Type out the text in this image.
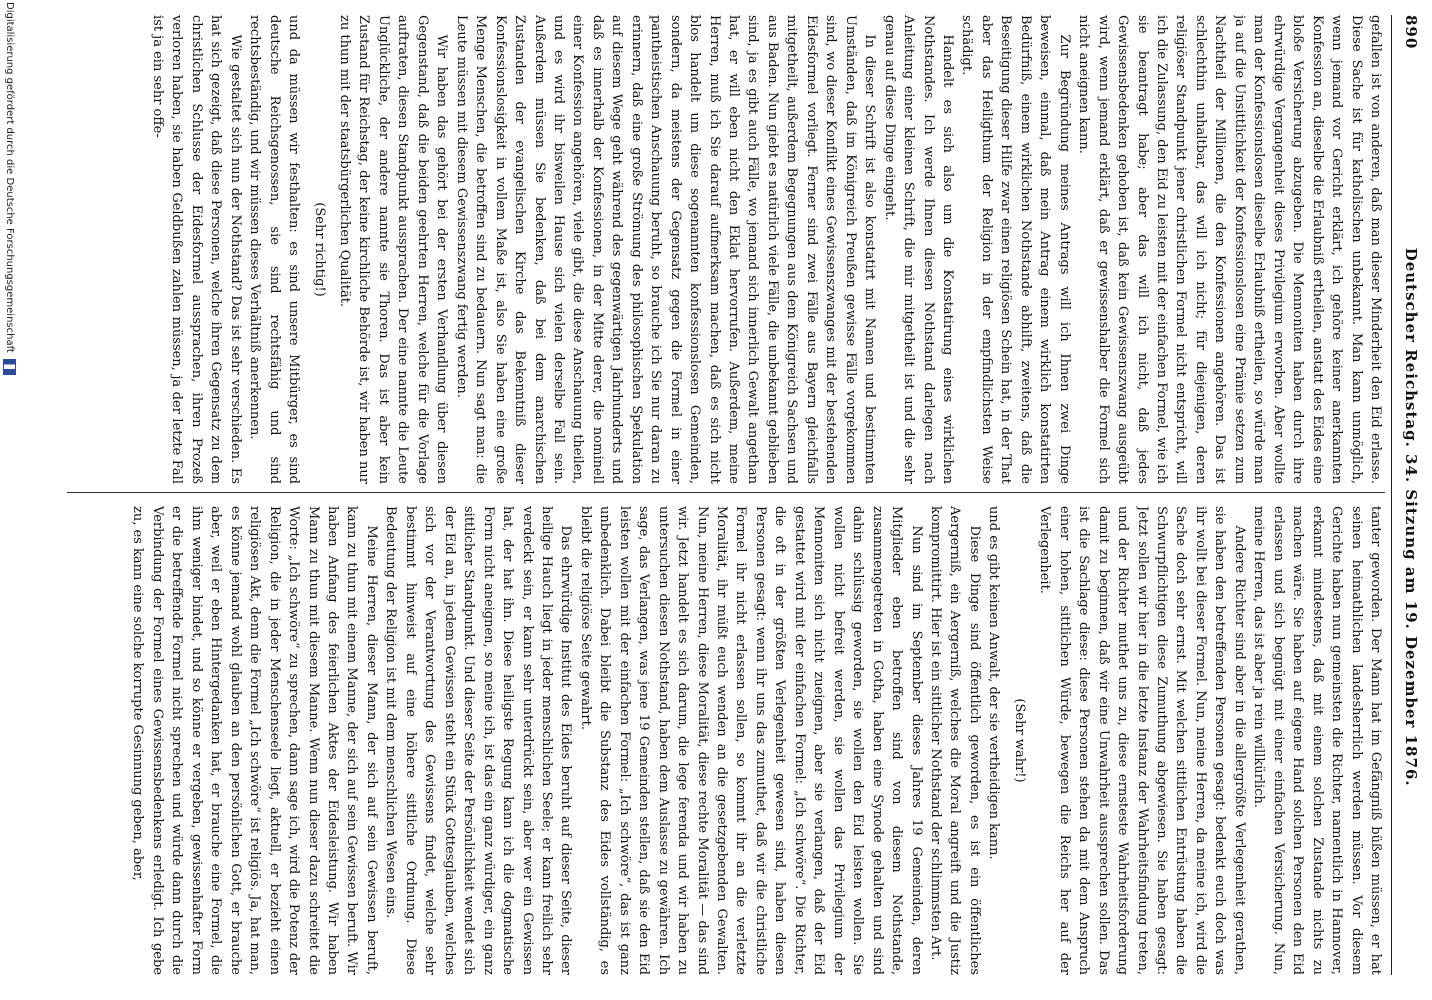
890
Deutscher Reichstag. 34. Sitzung am 19. Dezember 1876.

gefallen ist von anderen, daß man dieser Minderheit den Eid erlasse. Diese Sache ist für katholischen unbekannt. Man kann unmöglich, wenn jemand vor Gericht erklärt, ich gehöre keiner anerkannten Konfession an, dieselbe die Erlaubniß ertheilen, anstatt des Eides eine bloße Versicherung abzugeben. Die Mennoniten haben durch ihre ehrwürdige Vergangenheit dieses Privilegium erworben. Aber wollte man der Konfessionslosen dieselbe Erlaubniß ertheilen, so würde man ja auf die Unsittlichkeit der Konfessionslosen eine Prämie setzen zum Nachtheil der Millionen, die den Konfessionen angehören. Das ist schlechthin unhaltbar, das will ich nicht; für diejenigen, deren religiöser Standpunkt jener christlichen Formel nicht entspricht, will ich die Zulassung, den Eid zu leisten mit der einfachen Formel, wie ich sie beantragt habe; aber das will ich nicht, daß jedes Gewissensbedenken gehoben ist, daß kein Gewissenszwang ausgeübt wird, wenn jemand erklärt, daß er gewissenshalber die Formel sich nicht aneignen kann.

Zur Begründung meines Antrags will ich Ihnen zwei Dinge beweisen, einmal, daß mein Antrag einem wirklich konstatirten Bedürfniß, einem wirklichen Nothstande abhilft, zweitens, daß die Beseitigung dieser Hilfe zwar einen religiösen Schein hat, in der That aber das Heiligthum der Religion in der empfindlichsten Weise schädigt.

Handelt es sich also um die Konstatirung eines wirklichen Nothstandes. Ich werde Ihnen diesen Nothstand darlegen nach Anleitung einer kleinen Schrift, die mir mitgetheilt ist und die sehr genau auf diese Dinge eingeht.

In dieser Schrift ist also konstatirt mit Namen und bestimmten Umständen, daß im Königreich Preußen gewisse Fälle vorgekommen sind, wo dieser Konflikt eines Gewissenszwanges mit der bestehenden Eidesformel vorliegt. Ferner sind zwei Fälle aus Bayern gleichfalls mitgetheilt, außerdem Begegnungen aus dem Königreich Sachsen und aus Baden. Nun giebt es natürlich viele Fälle, die unbekannt geblieben sind, ja es gibt auch Fälle, wo jemand sich innerlich Gewalt angethan hat, er will eben nicht den Eklat hervorrufen. Außerdem, meine Herren, muß ich Sie darauf aufmerksam machen, daß es sich nicht blos handelt um diese sogenannten konfessionslosen Gemeinden, sondern, da meistens der Gegensatz gegen die Formel in einer pantheistischen Anschauung beruht, so brauche ich Sie nur daran zu erinnern, daß eine große Strömung des philosophischen Spekulation auf diesem Wege geht während des gegenwärtigen Jahrhunderts und daß es innerhalb der Konfessionen, in der Mitte derer, die nominell einer Konfession angehören, viele gibt, die diese Anschauung theilen, und es wird ihr bisweilen Hause sich vielen derselbe Fall sein. Außerdem müssen Sie bedenken, daß bei dem anarchischen Zustanden der evangelischen Kirche das Bekenntniß dieser Konfessionslosigkeit in vollem Maße ist, also Sie haben eine große Menge Menschen, die betroffen sind zu bedauern. Nun sagt man: die Leute müssen mit diesem Gewissenszwang fertig werden.

Wir haben das gehört bei der ersten Verhandlung über diesen Gegenstand, daß die beiden geehrten Herren, welche für die Vorlage auftraten, diesen Standpunkt aussprachen. Der eine nannte die Leute Unglückliche, der andere nannte sie Thoren. Das ist aber kein Zustand für Reichstag, der keine kirchliche Behörde ist, wir haben nur zu thun mit der staatsbürgerlichen Qualität.

(Sehr richtig!)

und da müssen wir festhalten: es sind unsere Mitbürger, es sind deutsche Reichsgenossen, sie sind rechtsfähig und sind rechtsbeständig, und wir müssen dieses Verhältniß anerkennen.

Wie gestaltet sich nun der Nothstand? Das ist sehr verschieden. Es hat sich gezeigt, daß diese Personen, welche ihren Gegensatz zu dem christlichen Schlusse der Eidesformel aussprachen, ihren Prozeß verloren haben, sie haben Geldbußen zahlen müssen, ja der letzte Fall ist ja ein sehr offe-

tanter geworden. Der Mann hat im Gefängniß büßen müssen, er hat seinen heimathlichen landesherrlich werden müssen. Vor diesem Gerichte haben nun gemeinsten die Richter, namentlich in Hannover, erkannt mindestens, daß mit einem solchen Zustande nichts zu machen wäre. Sie haben auf eigene Hand solchen Personen den Eid erlassen und sich begnügt mit einer einfachen Versicherung. Nun, meine Herren, das ist aber ja rein willkürlich.

Andere Richter sind aber in die allergrößte Verlegenheit gerathen, sie haben den betreffenden Personen gesagt: bedenkt euch doch was ihr wollt bei dieser Formel. Nun, meine Herren, da meine ich, wird die Sache doch sehr ernst. Mit welchen sittlichen Entrüstung haben die Schwurpflichtigen diese Zumuthung abgewiesen. Sie haben gesagt: Jetzt sollen wir hier in die letzte Instanz der Wahrheitsfindung treten, und der Richter muthet uns zu, diese ernsteste Wahrheitsforderung damit zu beginnen, daß wir eine Unwahrheit aussprechen sollen. Das ist die Sachlage diese: diese Personen stehen da mit dem Anspruch einer hohen, sittlichen Würde, bewegen die Reichs her auf der Verlegenheit.

(Sehr wahr!)

und es gibt keinen Anwalt, der sie vertheidigen kann.

Diese Dinge sind öffentlich geworden, es ist ein öffentliches Aergerniß, ein Aergerniß, welches die Moral angreift und die Justiz kompromittirt. Hier ist ein sittlicher Nothstand der schlimmsten Art.

Nun sind im September dieses Jahres 19 Gemeinden, deren Mitglieder eben betroffen sind von diesem Nothstande, zusammengetreten in Gotha, haben eine Synode gehalten und sind dahin schlüssig geworden, sie wollen den Eid leisten wollen. Sie wollen nicht befreit werden, sie wollen das Privilegium der Mennoniten sich nicht zueignen, aber sie verlangen, daß der Eid gestattet wird mit der einfachen Formel: „Ich schwöre“. Die Richter, die oft in der größten Verlegenheit gewesen sind, haben diesen Personen gesagt: wenn ihr uns das zumuthet, daß wir die christliche Formel ihr nicht erlassen sollen, so kommt ihr an die verletzte Moralität, ihr müßt euch wenden an die gesetzgebenden Gewalten. Nun, meine Herren, diese Moralität, diese rechte Moralität — das sind wir. Jetzt handelt es sich darum, die lege ferenda und wir haben zu untersuchen diesen Nothstand, haben dem Auslasse zu gewähren. Ich sage, das Verlangen, was jene 19 Gemeinden stellen, daß sie den Eid leisten wollen mit der einfachen Formel: „Ich schwöre“, das ist ganz unbedenklich. Dabei bleibt die Substanz des Eides vollständig, es bleibt die religiöse Seite gewahrt.

Das ehrwürdige Institut des Eides beruht auf dieser Seite, dieser heilige Hauch liegt in jeder menschlichen Seele; er kann freilich sehr verdeckt sein, er kann sehr unterdrückt sein, aber wer ein Gewissen hat, der hat ihn. Diese heiligste Regung kann ich die dogmatische Form nicht aneignen, so meine ich, ist das ein ganz würdiger, ein ganz sittlicher Standpunkt. Und dieser Seite der Persönlichkeit wendet sich der Eid an, in jedem Gewissen steht ein Stück Gottesglauben, welches sich vor der Verantwortung des Gewissens findet, welche sehr bestimmt hinweist auf eine höhere sittliche Ordnung. Diese Bedeutung der Religion ist mit dem menschlichen Wesen eins.

Meine Herren, dieser Mann, der sich auf sein Gewissen beruft, kann zu thun mit einem Manne, der sich auf sein Gewissen beruft. Wir haben Anfang des feierlichen Aktes der Eidesleistung. Wir haben Mann zu thun mit diesem Manne. Wenn nun dieser dazu schreitet die Worte: „Ich schwöre“ zu sprechen, dann sage ich, wird die Potenz der Religion, die in jeder Menschenseele liegt, aktuell, er bezieht einen religiösen Akt, denn die Formel „Ich schwöre“ ist religiös. Ja, hat man, es könne jemand wohl glauben an den persönlichen Gott, er brauche aber, weil er eben Hintergedanken hat, er brauche eine Formel, die ihm weniger bindet, und so könne er vergeben, gewissenhafter Form er die betreffende Formel nicht sprechen und würde dann durch die Verbindung der Formel eines Gewissensbedenkens erledigt. Ich gebe zu, es kann eine solche korrupte Gesinnung geben, aber,

Digitalisierung gefördert durch die Deutsche Forschungsgemeinschaft
